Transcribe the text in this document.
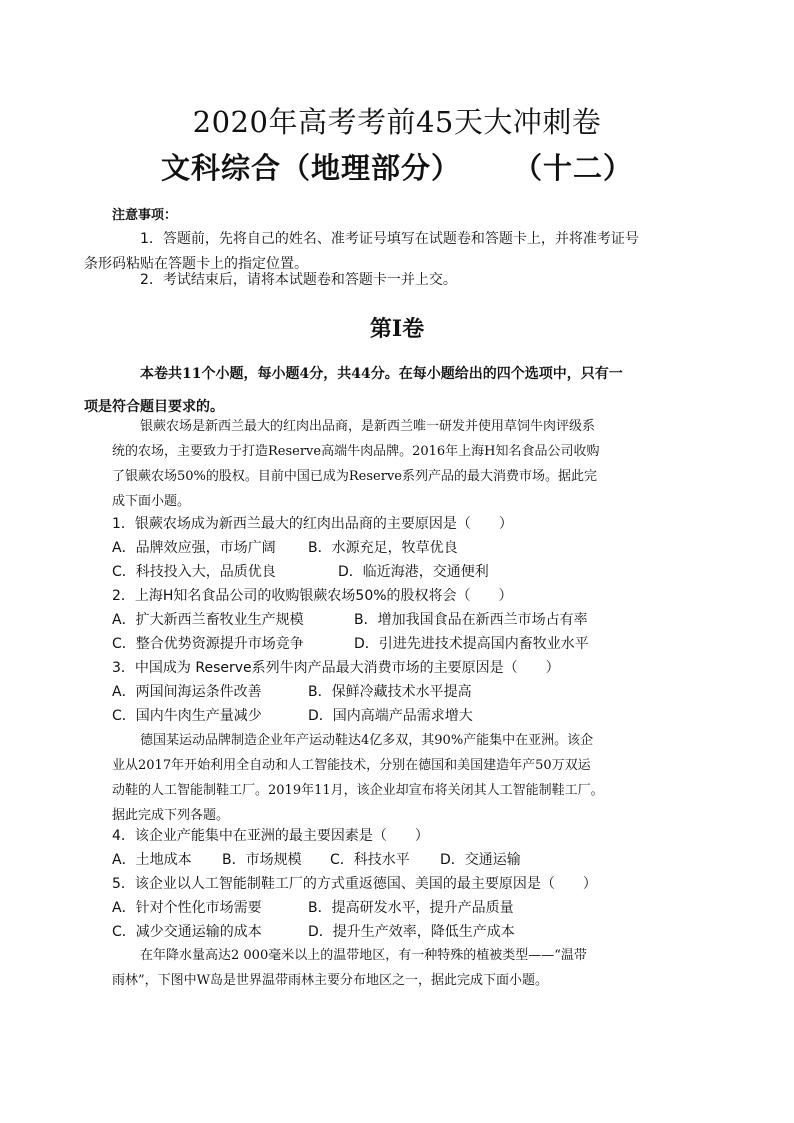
2020年高考考前45天大冲刺卷
文科综合（地理部分） （十二）
注意事项：
1．答题前，先将自己的姓名、准考证号填写在试题卷和答题卡上，并将准考证号
条形码粘贴在答题卡上的指定位置。
2．考试结束后，请将本试题卷和答题卡一并上交。
第Ⅰ卷
本卷共11个小题，每小题4分，共44分。在每小题给出的四个选项中，只有一
项是符合题目要求的。
银蕨农场是新西兰最大的红肉出品商，是新西兰唯一研发并使用草饲牛肉评级系
统的农场，主要致力于打造Reserve高端牛肉品牌。2016年上海H知名食品公司收购
了银蕨农场50%的股权。目前中国已成为Reserve系列产品的最大消费市场。据此完
成下面小题。
1．银蕨农场成为新西兰最大的红肉出品商的主要原因是（　　）
A．品牌效应强，市场广阔 B．水源充足，牧草优良
C．科技投入大，品质优良	D．临近海港，交通便利
2．上海H知名食品公司的收购银蕨农场50%的股权将会（　　）
A．扩大新西兰畜牧业生产规模	B．增加我国食品在新西兰市场占有率
C．整合优势资源提升市场竞争	D．引进先进技术提高国内畜牧业水平
3．中国成为 Reserve系列牛肉产品最大消费市场的主要原因是（　　）
A．两国间海运条件改善	B．保鲜冷藏技术水平提高
C．国内牛肉生产量减少	D．国内高端产品需求增大
德国某运动品牌制造企业年产运动鞋达4亿多双，其90%产能集中在亚洲。该企
业从2017年开始利用全自动和人工智能技术，分别在德国和美国建造年产50万双运
动鞋的人工智能制鞋工厂。2019年11月，该企业却宣布将关闭其人工智能制鞋工厂。
据此完成下列各题。
4．该企业产能集中在亚洲的最主要因素是（　　）
A．土地成本 B．市场规模 C．科技水平 D．交通运输
5．该企业以人工智能制鞋工厂的方式重返德国、美国的最主要原因是（　　）
A．针对个性化市场需要	B．提高研发水平，提升产品质量
C．减少交通运输的成本	D．提升生产效率，降低生产成本
在年降水量高达2 000毫米以上的温带地区，有一种特殊的植被类型——“温带
雨林”，下图中W岛是世界温带雨林主要分布地区之一，据此完成下面小题。
